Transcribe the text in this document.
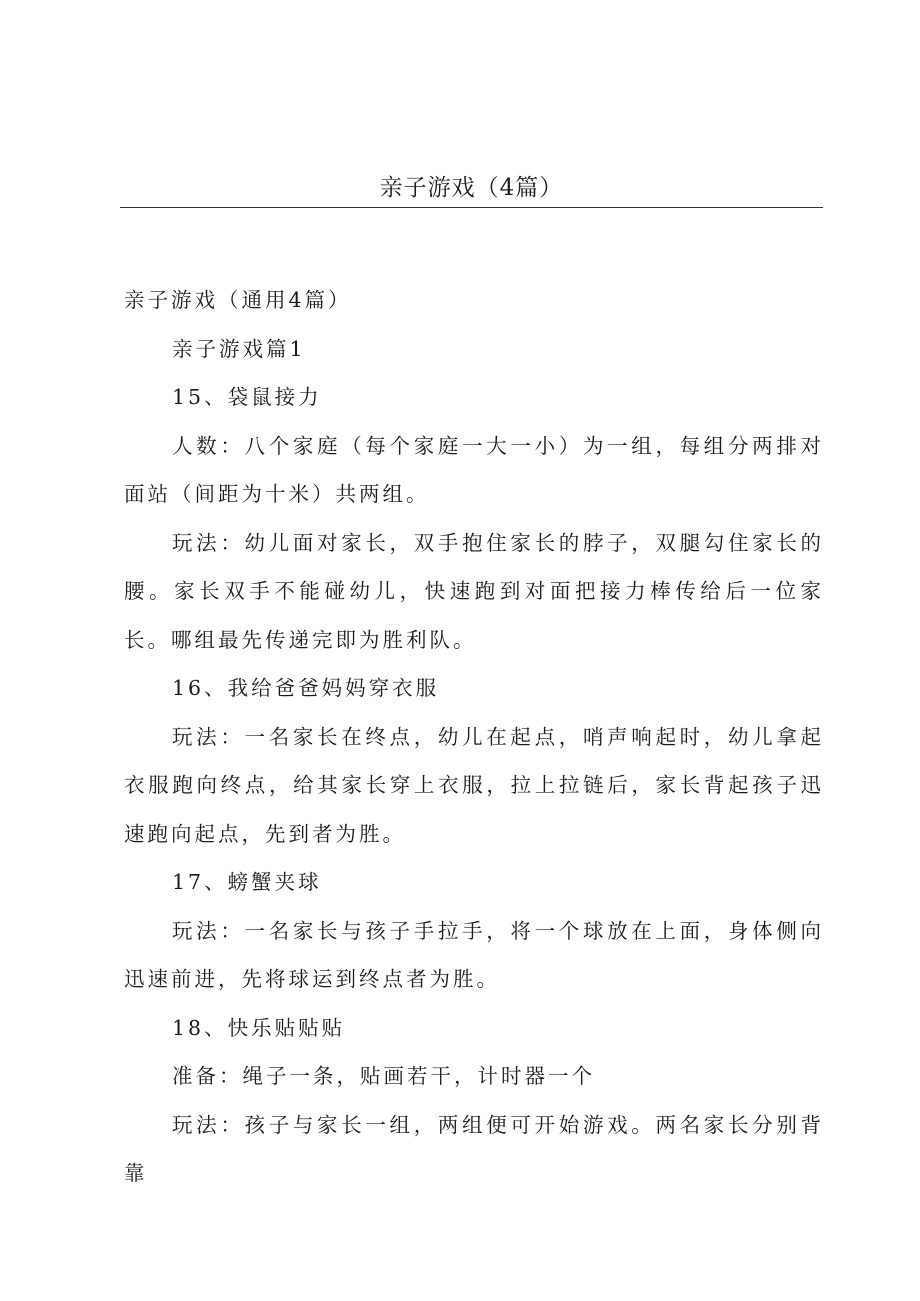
亲子游戏（4篇）

亲子游戏（通用4篇）

亲子游戏篇1

15、袋鼠接力

人数：八个家庭（每个家庭一大一小）为一组，每组分两排对面站（间距为十米）共两组。

玩法：幼儿面对家长，双手抱住家长的脖子，双腿勾住家长的腰。家长双手不能碰幼儿，快速跑到对面把接力棒传给后一位家长。哪组最先传递完即为胜利队。

16、我给爸爸妈妈穿衣服

玩法：一名家长在终点，幼儿在起点，哨声响起时，幼儿拿起衣服跑向终点，给其家长穿上衣服，拉上拉链后，家长背起孩子迅速跑向起点，先到者为胜。

17、螃蟹夹球

玩法：一名家长与孩子手拉手，将一个球放在上面，身体侧向迅速前进，先将球运到终点者为胜。

18、快乐贴贴贴

准备：绳子一条，贴画若干，计时器一个

玩法：孩子与家长一组，两组便可开始游戏。两名家长分别背靠
